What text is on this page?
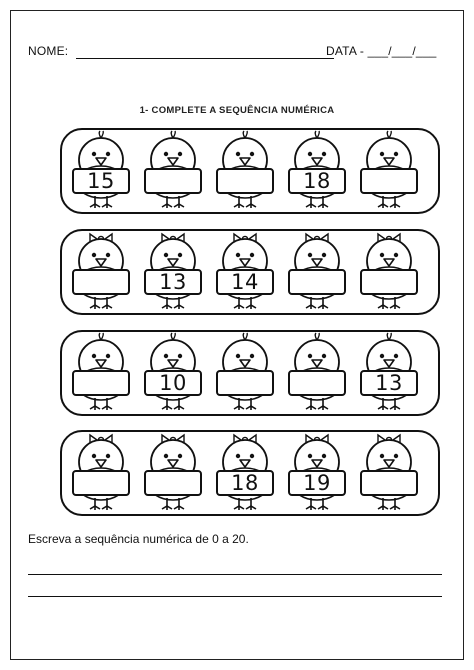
NOME:	DATA - ___/___/___
1- COMPLETE A SEQUÊNCIA NUMÉRICA
15	18
13	14
10	13
18	19
Escreva a sequência numérica de 0 a 20.
